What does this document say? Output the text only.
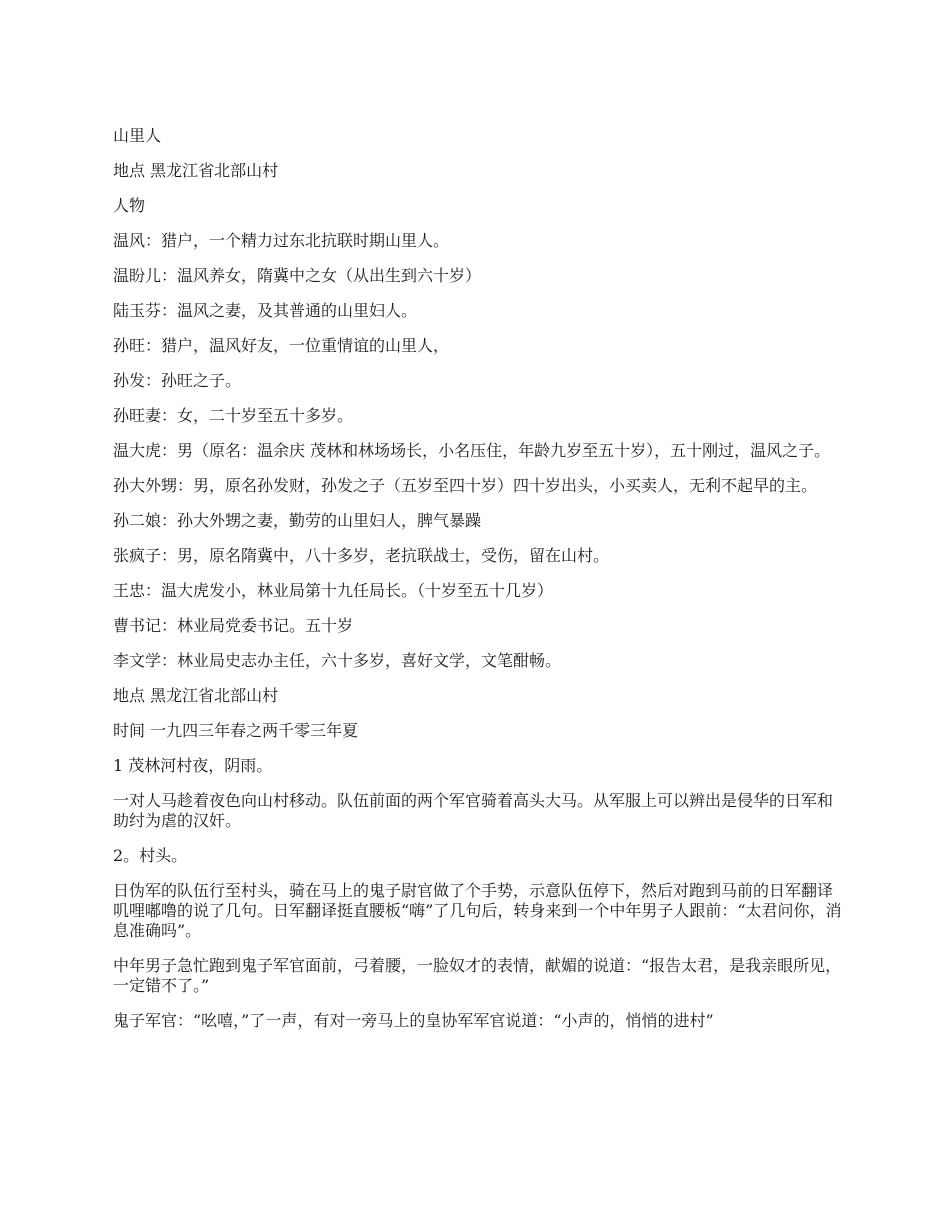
山里人

地点 黑龙江省北部山村

人物

温风：猎户，一个精力过东北抗联时期山里人。

温盼儿：温风养女，隋冀中之女（从出生到六十岁）

陆玉芬：温风之妻，及其普通的山里妇人。

孙旺：猎户，温风好友，一位重情谊的山里人，

孙发：孙旺之子。

孙旺妻：女，二十岁至五十多岁。

温大虎：男（原名：温余庆 茂林和林场场长，小名压住，年龄九岁至五十岁），五十刚过，温风之子。

孙大外甥：男，原名孙发财，孙发之子（五岁至四十岁）四十岁出头，小买卖人，无利不起早的主。

孙二娘：孙大外甥之妻，勤劳的山里妇人，脾气暴躁

张疯子：男，原名隋冀中，八十多岁，老抗联战士，受伤，留在山村。

王忠：温大虎发小，林业局第十九任局长。（十岁至五十几岁）

曹书记：林业局党委书记。五十岁

李文学：林业局史志办主任，六十多岁，喜好文学，文笔酣畅。

地点 黑龙江省北部山村

时间 一九四三年春之两千零三年夏

1 茂林河村夜，阴雨。

一对人马趁着夜色向山村移动。队伍前面的两个军官骑着高头大马。从军服上可以辨出是侵华的日军和助纣为虐的汉奸。

2。村头。

日伪军的队伍行至村头，骑在马上的鬼子尉官做了个手势，示意队伍停下，然后对跑到马前的日军翻译叽哩嘟噜的说了几句。日军翻译挺直腰板“嗨”了几句后，转身来到一个中年男子人跟前：“太君问你，消息准确吗”。

中年男子急忙跑到鬼子军官面前，弓着腰，一脸奴才的表情，献媚的说道：“报告太君，是我亲眼所见，一定错不了。”

鬼子军官：“吆嘻，”了一声，有对一旁马上的皇协军军官说道：“小声的，悄悄的进村”
